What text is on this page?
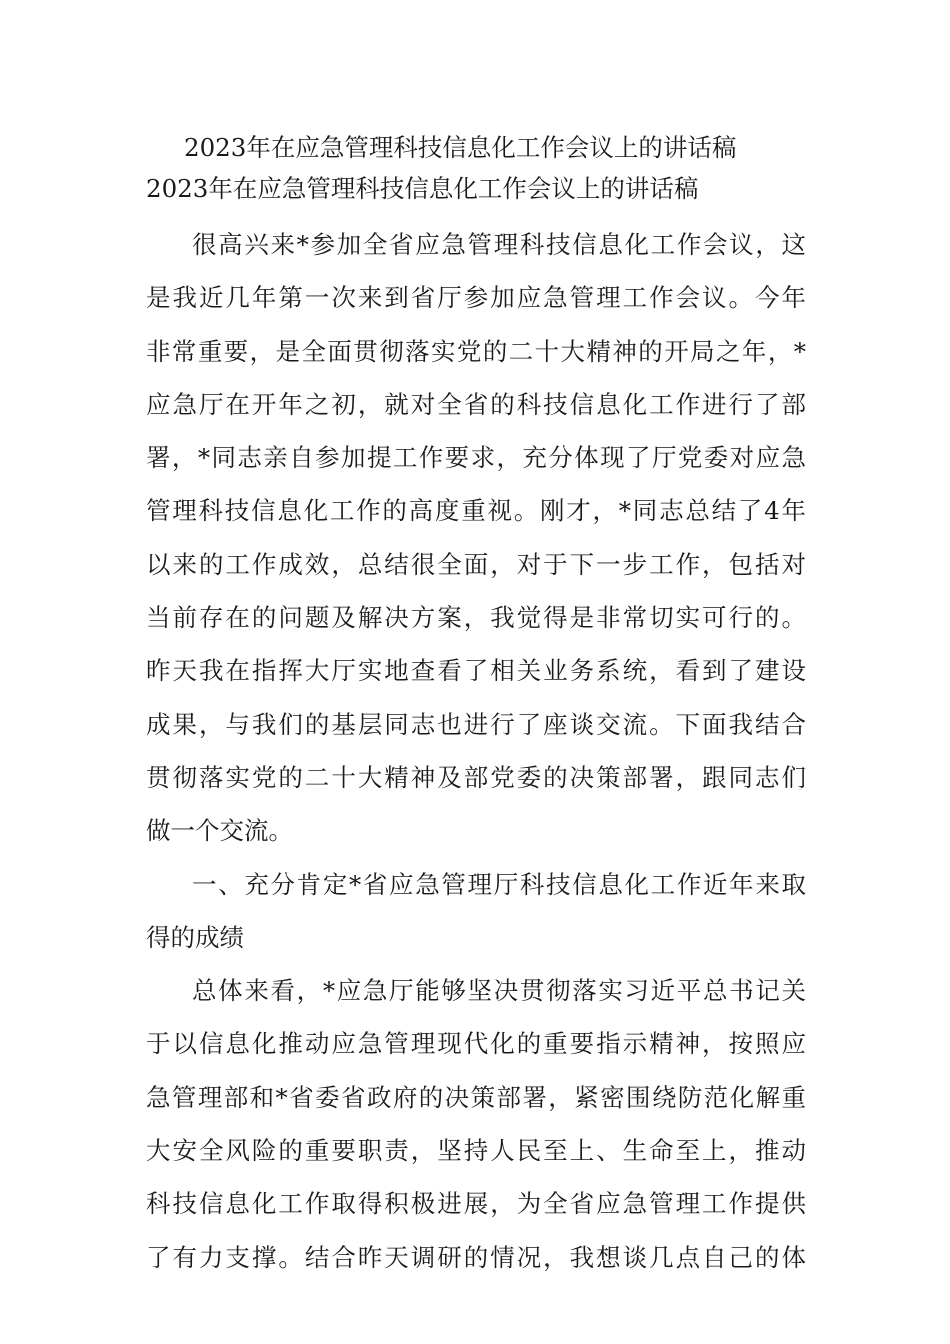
2023年在应急管理科技信息化工作会议上的讲话稿
2023年在应急管理科技信息化工作会议上的讲话稿
很高兴来*参加全省应急管理科技信息化工作会议，这
是我近几年第一次来到省厅参加应急管理工作会议。今年
非常重要，是全面贯彻落实党的二十大精神的开局之年，*
应急厅在开年之初，就对全省的科技信息化工作进行了部
署，*同志亲自参加提工作要求，充分体现了厅党委对应急
管理科技信息化工作的高度重视。刚才，*同志总结了4年
以来的工作成效，总结很全面，对于下一步工作，包括对
当前存在的问题及解决方案，我觉得是非常切实可行的。
昨天我在指挥大厅实地查看了相关业务系统，看到了建设
成果，与我们的基层同志也进行了座谈交流。下面我结合
贯彻落实党的二十大精神及部党委的决策部署，跟同志们
做一个交流。
一、充分肯定*省应急管理厅科技信息化工作近年来取
得的成绩
总体来看，*应急厅能够坚决贯彻落实习近平总书记关
于以信息化推动应急管理现代化的重要指示精神，按照应
急管理部和*省委省政府的决策部署，紧密围绕防范化解重
大安全风险的重要职责，坚持人民至上、生命至上，推动
科技信息化工作取得积极进展，为全省应急管理工作提供
了有力支撑。结合昨天调研的情况，我想谈几点自己的体
